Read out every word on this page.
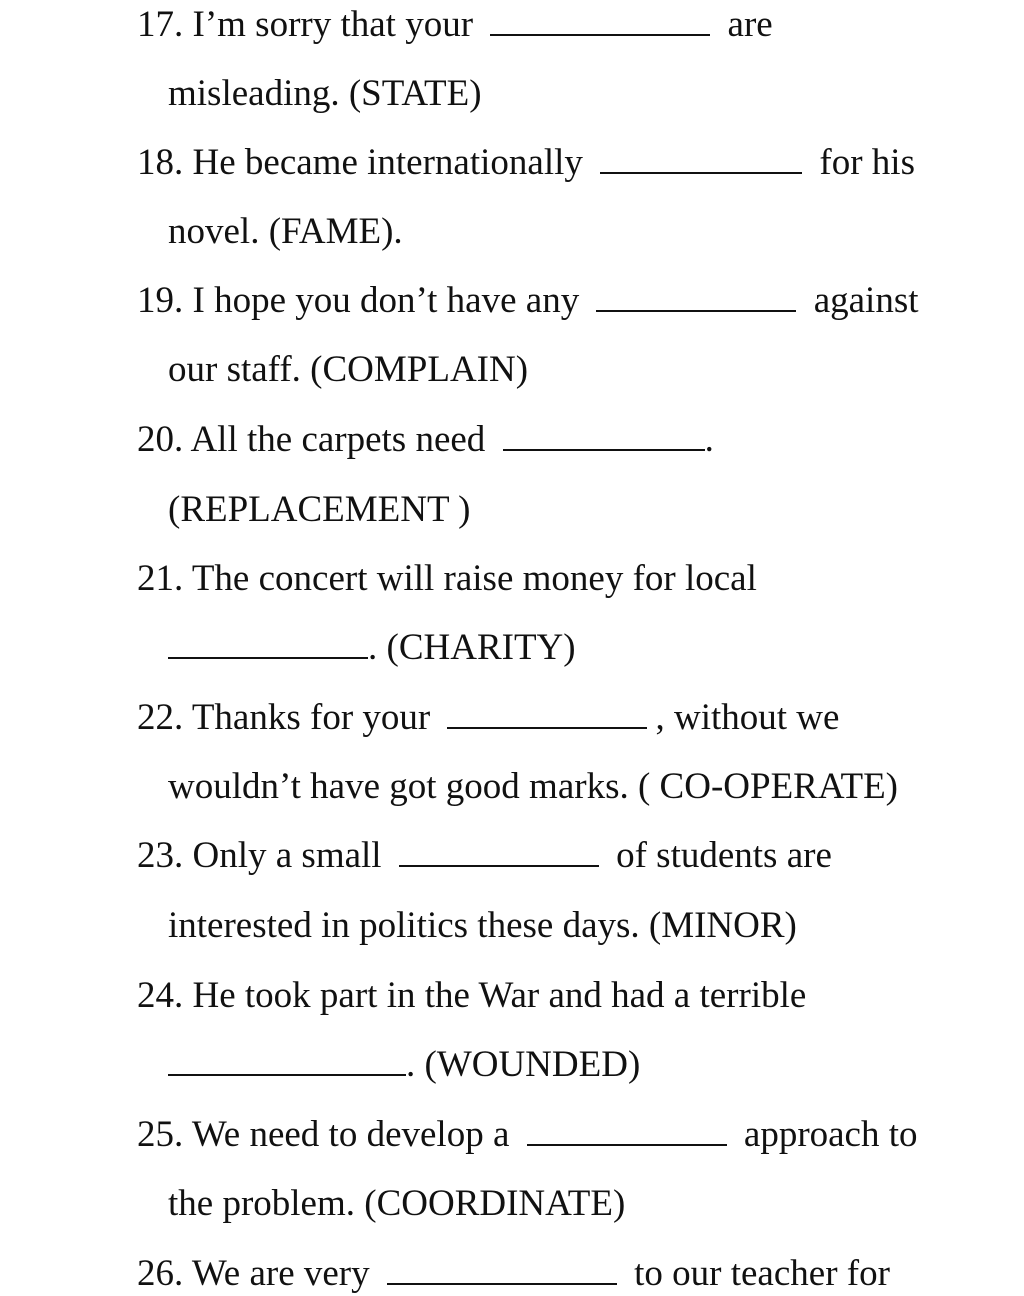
17. I’m sorry that your	are
misleading. (STATE)
18. He became internationally	for his
novel. (FAME).
19. I hope you don’t have any	against
our staff. (COMPLAIN)
20. All the carpets need	.
(REPLACEMENT )
21. The concert will raise money for local
. (CHARITY)
22. Thanks for your	, without we
wouldn’t have got good marks. ( CO-OPERATE)
23. Only a small	of students are
interested in politics these days. (MINOR)
24. He took part in the War and had a terrible
. (WOUNDED)
25. We need to develop a	approach to
the problem. (COORDINATE)
26. We are very	to our teacher for
